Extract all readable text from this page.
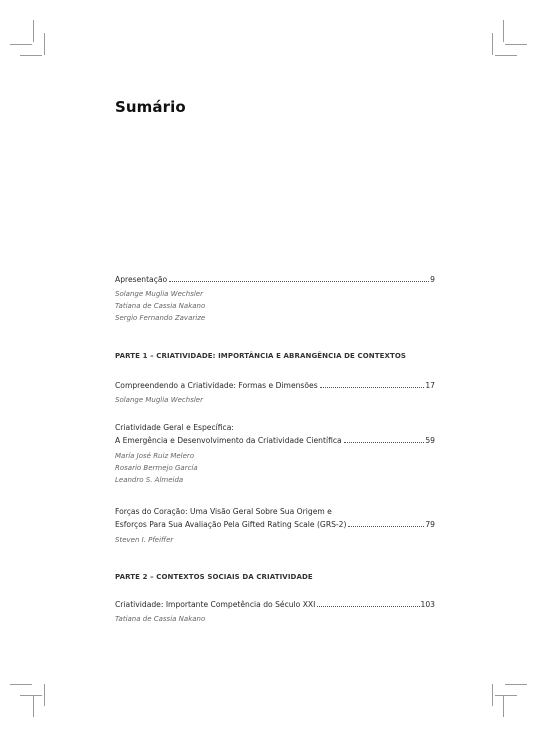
Sumário
Apresentação	9
Solange Muglia Wechsler
Tatiana de Cassia Nakano
Sergio Fernando Zavarize
PARTE 1 – CRIATIVIDADE: IMPORTÂNCIA E ABRANGÊNCIA DE CONTEXTOS
Compreendendo a Criatividade: Formas e Dimensões	17
Solange Muglia Wechsler
Criatividade Geral e Específica:
A Emergência e Desenvolvimento da Criatividade Científica	59
María José Ruiz Melero
Rosario Bermejo García
Leandro S. Almeida
Forças do Coração: Uma Visão Geral Sobre Sua Origem e
Esforços Para Sua Avaliação Pela Gifted Rating Scale (GRS-2)	79
Steven I. Pfeiffer
PARTE 2 – CONTEXTOS SOCIAIS DA CRIATIVIDADE
Criatividade: Importante Competência do Século XXI	103
Tatiana de Cassia Nakano
